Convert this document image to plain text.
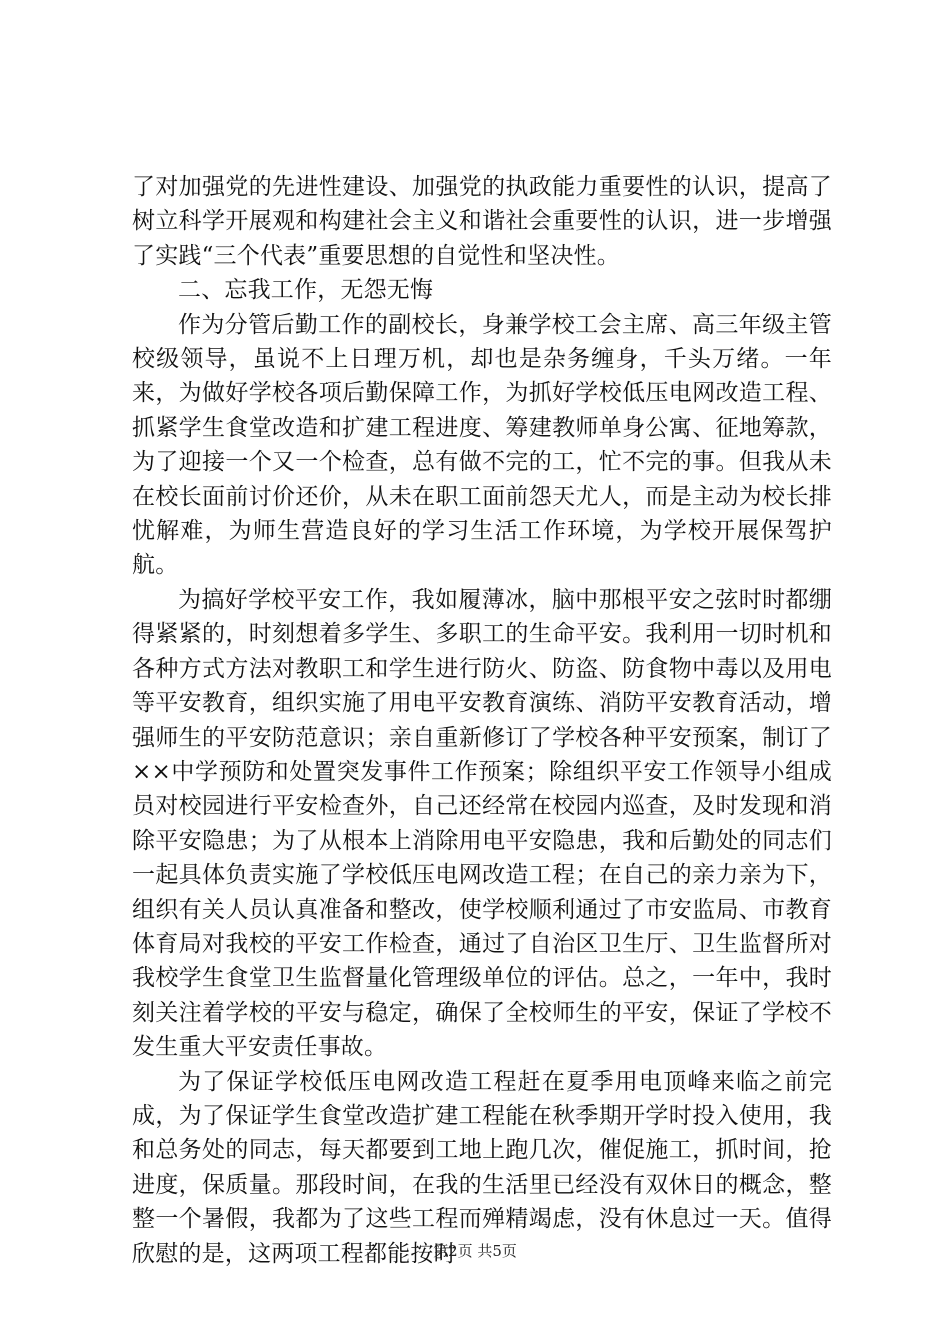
了对加强党的先进性建设、加强党的执政能力重要性的认识，提高了树立科学开展观和构建社会主义和谐社会重要性的认识，进一步增强了实践“三个代表”重要思想的自觉性和坚决性。

二、忘我工作，无怨无悔

作为分管后勤工作的副校长，身兼学校工会主席、高三年级主管校级领导，虽说不上日理万机，却也是杂务缠身，千头万绪。一年来，为做好学校各项后勤保障工作，为抓好学校低压电网改造工程、抓紧学生食堂改造和扩建工程进度、筹建教师单身公寓、征地筹款，为了迎接一个又一个检查，总有做不完的工，忙不完的事。但我从未在校长面前讨价还价，从未在职工面前怨天尤人，而是主动为校长排忧解难，为师生营造良好的学习生活工作环境，为学校开展保驾护航。

为搞好学校平安工作，我如履薄冰，脑中那根平安之弦时时都绷得紧紧的，时刻想着多学生、多职工的生命平安。我利用一切时机和各种方式方法对教职工和学生进行防火、防盗、防食物中毒以及用电等平安教育，组织实施了用电平安教育演练、消防平安教育活动，增强师生的平安防范意识；亲自重新修订了学校各种平安预案，制订了××中学预防和处置突发事件工作预案；除组织平安工作领导小组成员对校园进行平安检查外，自己还经常在校园内巡查，及时发现和消除平安隐患；为了从根本上消除用电平安隐患，我和后勤处的同志们一起具体负责实施了学校低压电网改造工程；在自己的亲力亲为下，组织有关人员认真准备和整改，使学校顺利通过了市安监局、市教育体育局对我校的平安工作检查，通过了自治区卫生厅、卫生监督所对我校学生食堂卫生监督量化管理级单位的评估。总之，一年中，我时刻关注着学校的平安与稳定，确保了全校师生的平安，保证了学校不发生重大平安责任事故。

为了保证学校低压电网改造工程赶在夏季用电顶峰来临之前完成，为了保证学生食堂改造扩建工程能在秋季期开学时投入使用，我和总务处的同志，每天都要到工地上跑几次，催促施工，抓时间，抢进度，保质量。那段时间，在我的生活里已经没有双休日的概念，整整一个暑假，我都为了这些工程而殚精竭虑，没有休息过一天。值得欣慰的是，这两项工程都能按时

第2页 共5页
